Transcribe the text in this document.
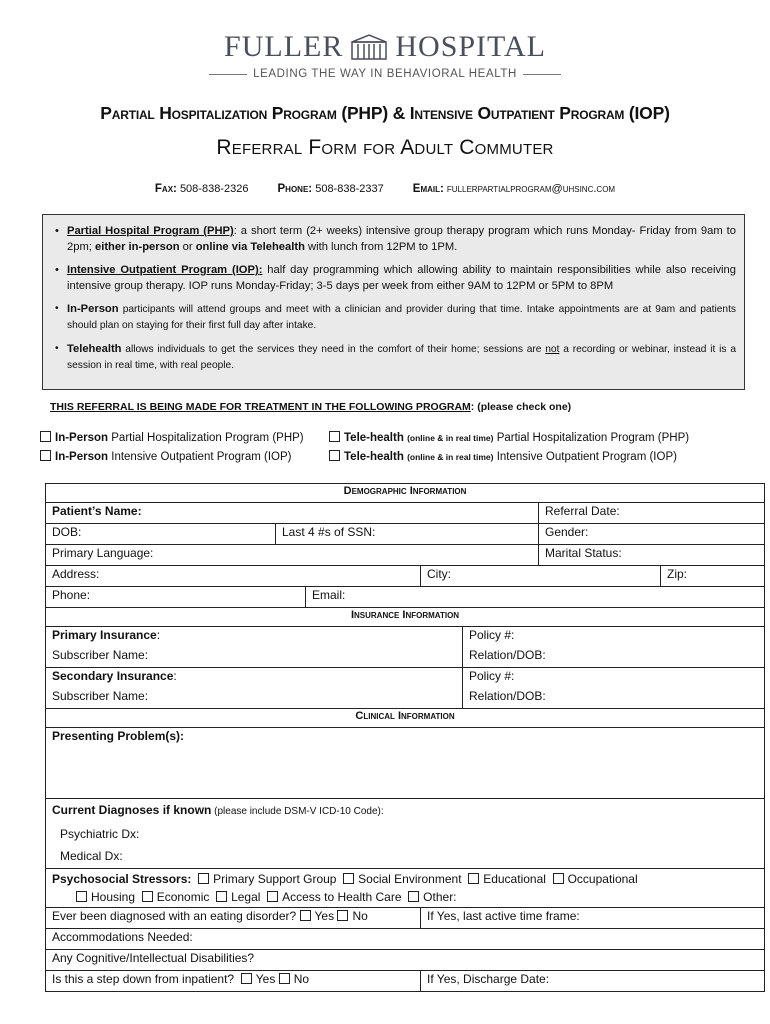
FULLER HOSPITAL
LEADING THE WAY IN BEHAVIORAL HEALTH
Partial Hospitalization Program (PHP) & Intensive Outpatient Program (IOP)
Referral Form for Adult Commuter
Fax: 508-838-2326	Phone: 508-838-2337	Email: fullerpartialprogram@uhsinc.com
• Partial Hospital Program (PHP): a short term (2+ weeks) intensive group therapy program which runs Monday- Friday from 9am to 2pm; either in-person or online via Telehealth with lunch from 12PM to 1PM.
• Intensive Outpatient Program (IOP): half day programming which allowing ability to maintain responsibilities while also receiving intensive group therapy. IOP runs Monday-Friday; 3-5 days per week from either 9AM to 12PM or 5PM to 8PM
• In-Person participants will attend groups and meet with a clinician and provider during that time. Intake appointments are at 9am and patients should plan on staying for their first full day after intake.
• Telehealth allows individuals to get the services they need in the comfort of their home; sessions are not a recording or webinar, instead it is a session in real time, with real people.
THIS REFERRAL IS BEING MADE FOR TREATMENT IN THE FOLLOWING PROGRAM: (please check one)
In-Person Partial Hospitalization Program (PHP)
In-Person Intensive Outpatient Program (IOP)
Tele-health (online & in real time) Partial Hospitalization Program (PHP)
Tele-health (online & in real time) Intensive Outpatient Program (IOP)
Demographic Information						
Patient’s Name:					Referral Date:	
DOB:	Last 4 #s of SSN:				Gender:	
Primary Language:					Marital Status:	
Address:			City:			Zip:
Phone:		Email:				
Insurance Information						
Primary Insurance:				Policy #:		
Subscriber Name:				Relation/DOB:		
Secondary Insurance:				Policy #:		
Subscriber Name:				Relation/DOB:		
Clinical Information						
Presenting Problem(s):						

Current Diagnoses if known (please include DSM-V ICD-10 Code):
Psychiatric Dx:
Medical Dx:						

Psychosocial Stressors: Primary Support Group Social Environment Educational Occupational
Housing Economic Legal Access to Health Care Other:						

Ever been diagnosed with an eating disorder? Yes No			If Yes, last active time frame:			
Accommodations Needed:						
Any Cognitive/Intellectual Disabilities?						
Is this a step down from inpatient? Yes No			If Yes, Discharge Date:			
